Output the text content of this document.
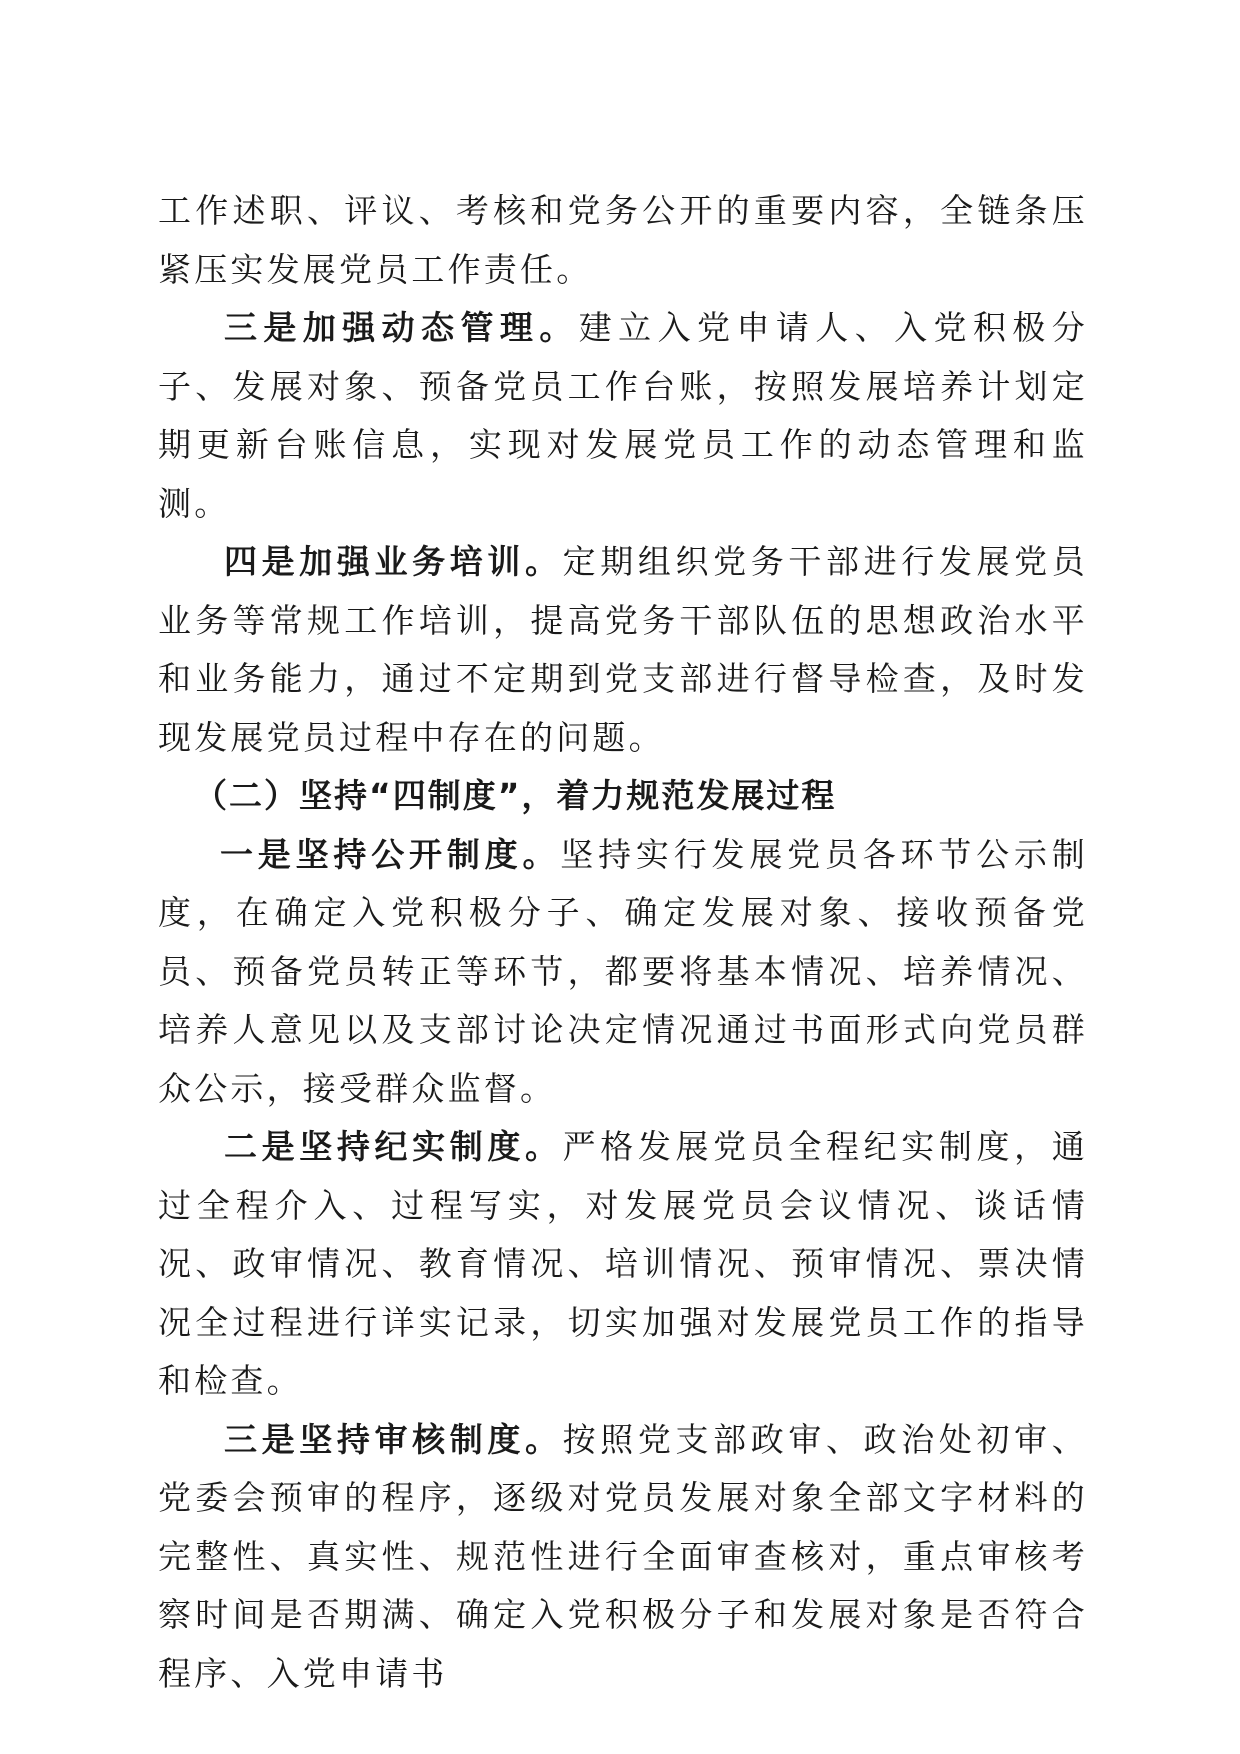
工作述职、评议、考核和党务公开的重要内容，全链条压紧压实发展党员工作责任。

三是加强动态管理。建立入党申请人、入党积极分子、发展对象、预备党员工作台账，按照发展培养计划定期更新台账信息，实现对发展党员工作的动态管理和监测。

四是加强业务培训。定期组织党务干部进行发展党员业务等常规工作培训，提高党务干部队伍的思想政治水平和业务能力，通过不定期到党支部进行督导检查，及时发现发展党员过程中存在的问题。

（二）坚持“四制度”，着力规范发展过程

一是坚持公开制度。坚持实行发展党员各环节公示制度，在确定入党积极分子、确定发展对象、接收预备党员、预备党员转正等环节，都要将基本情况、培养情况、培养人意见以及支部讨论决定情况通过书面形式向党员群众公示，接受群众监督。

二是坚持纪实制度。严格发展党员全程纪实制度，通过全程介入、过程写实，对发展党员会议情况、谈话情况、政审情况、教育情况、培训情况、预审情况、票决情况全过程进行详实记录，切实加强对发展党员工作的指导和检查。

三是坚持审核制度。按照党支部政审、政治处初审、党委会预审的程序，逐级对党员发展对象全部文字材料的完整性、真实性、规范性进行全面审查核对，重点审核考察时间是否期满、确定入党积极分子和发展对象是否符合程序、入党申请书
